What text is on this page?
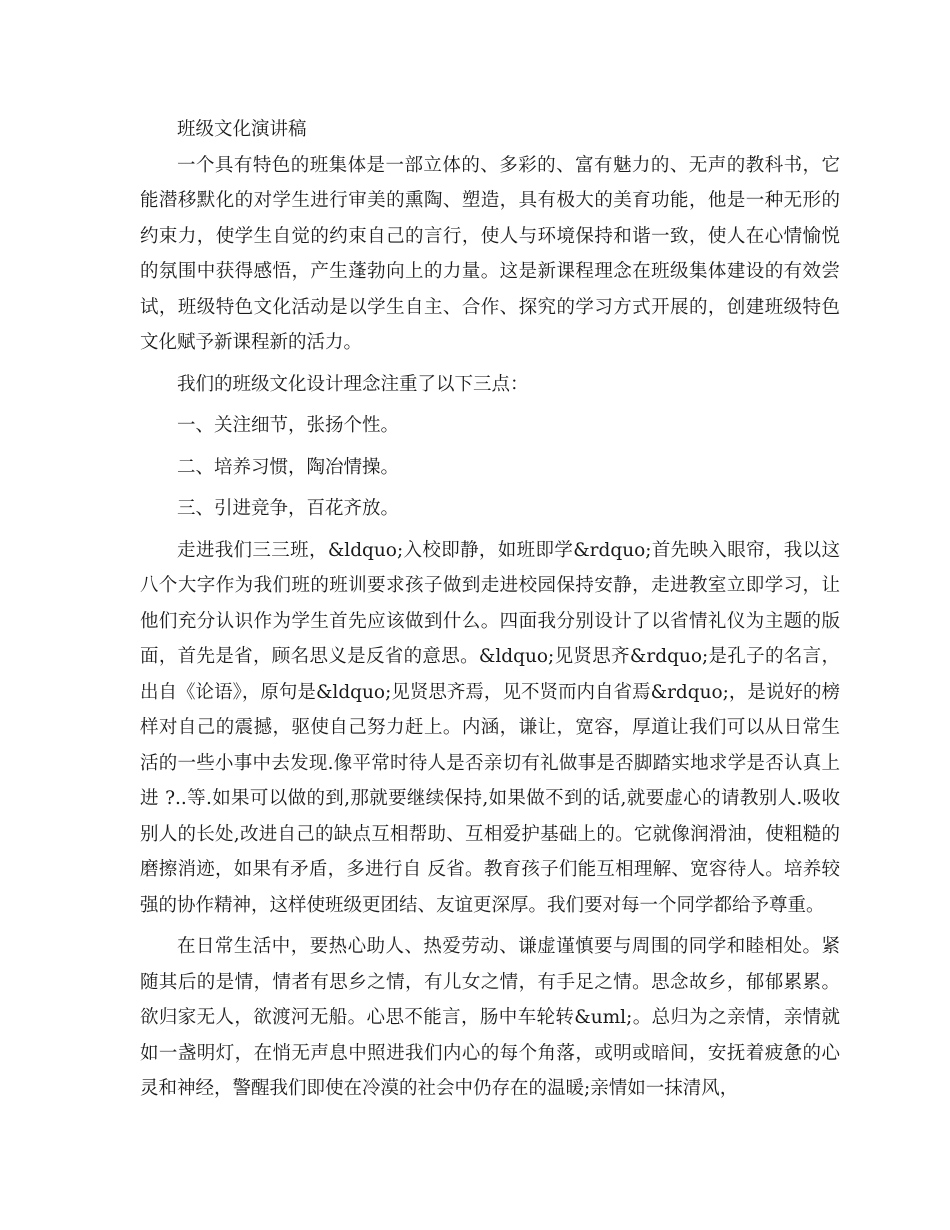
班级文化演讲稿

一个具有特色的班集体是一部立体的、多彩的、富有魅力的、无声的教科书，它能潜移默化的对学生进行审美的熏陶、塑造，具有极大的美育功能，他是一种无形的约束力，使学生自觉的约束自己的言行，使人与环境保持和谐一致，使人在心情愉悦的氛围中获得感悟，产生蓬勃向上的力量。这是新课程理念在班级集体建设的有效尝试，班级特色文化活动是以学生自主、合作、探究的学习方式开展的，创建班级特色文化赋予新课程新的活力。

我们的班级文化设计理念注重了以下三点：

一、关注细节，张扬个性。

二、培养习惯，陶冶情操。

三、引进竞争，百花齐放。

走进我们三三班，&ldquo;入校即静，如班即学&rdquo;首先映入眼帘，我以这八个大字作为我们班的班训要求孩子做到走进校园保持安静，走进教室立即学习，让他们充分认识作为学生首先应该做到什么。四面我分别设计了以省情礼仪为主题的版面，首先是省，顾名思义是反省的意思。&ldquo;见贤思齐&rdquo;是孔子的名言，出自《论语》，原句是&ldquo;见贤思齐焉，见不贤而内自省焉&rdquo;，是说好的榜样对自己的震撼，驱使自己努力赶上。内涵，谦让，宽容，厚道让我们可以从日常生活的一些小事中去发现.像平常时待人是否亲切有礼做事是否脚踏实地求学是否认真上进 ?..等.如果可以做的到,那就要继续保持,如果做不到的话,就要虚心的请教别人.吸收别人的长处,改进自己的缺点互相帮助、互相爱护基础上的。它就像润滑油，使粗糙的磨擦消迹，如果有矛盾，多进行自 反省。教育孩子们能互相理解、宽容待人。培养较强的协作精神，这样使班级更团结、友谊更深厚。我们要对每一个同学都给予尊重。

在日常生活中，要热心助人、热爱劳动、谦虚谨慎要与周围的同学和睦相处。紧随其后的是情，情者有思乡之情，有儿女之情，有手足之情。思念故乡，郁郁累累。欲归家无人，欲渡河无船。心思不能言，肠中车轮转&uml;。总归为之亲情，亲情就如一盏明灯，在悄无声息中照进我们内心的每个角落，或明或暗间，安抚着疲惫的心灵和神经，警醒我们即使在冷漠的社会中仍存在的温暖;亲情如一抹清风，
